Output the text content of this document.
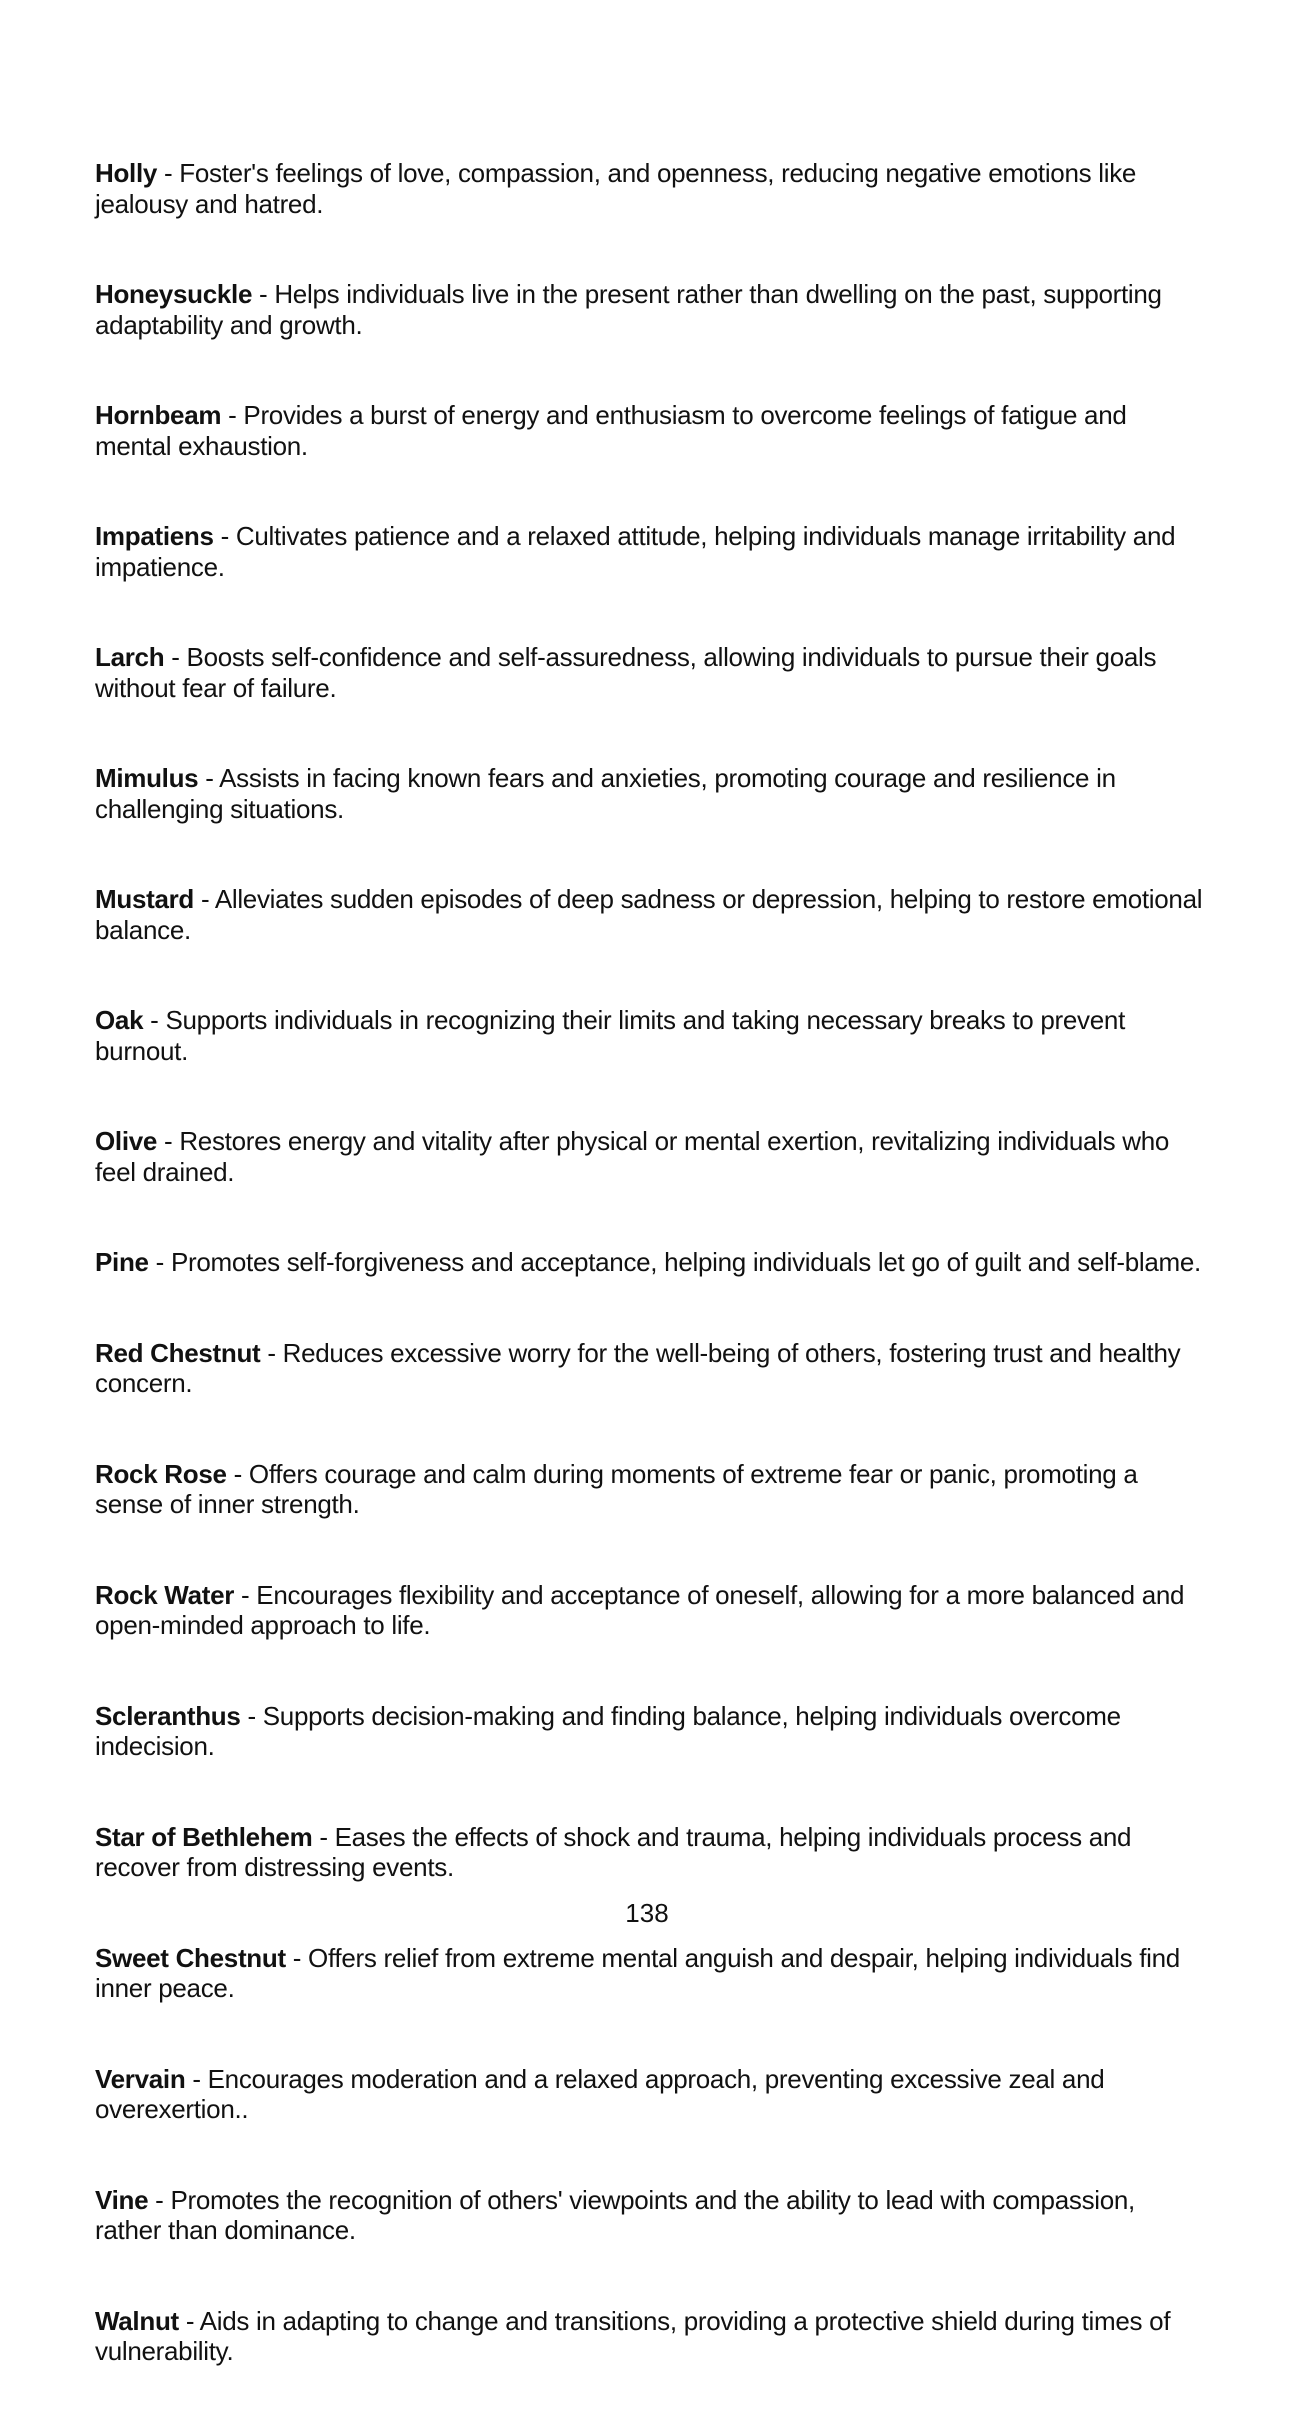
Holly - Foster's feelings of love, compassion, and openness, reducing negative emotions like jealousy and hatred.

Honeysuckle - Helps individuals live in the present rather than dwelling on the past, supporting adaptability and growth.

Hornbeam - Provides a burst of energy and enthusiasm to overcome feelings of fatigue and mental exhaustion.

Impatiens - Cultivates patience and a relaxed attitude, helping individuals manage irritability and impatience.

Larch - Boosts self-confidence and self-assuredness, allowing individuals to pursue their goals without fear of failure.

Mimulus - Assists in facing known fears and anxieties, promoting courage and resilience in challenging situations.

Mustard - Alleviates sudden episodes of deep sadness or depression, helping to restore emotional balance.

Oak - Supports individuals in recognizing their limits and taking necessary breaks to prevent burnout.

Olive - Restores energy and vitality after physical or mental exertion, revitalizing individuals who feel drained.

Pine - Promotes self-forgiveness and acceptance, helping individuals let go of guilt and self-blame.

Red Chestnut - Reduces excessive worry for the well-being of others, fostering trust and healthy concern.

Rock Rose - Offers courage and calm during moments of extreme fear or panic, promoting a sense of inner strength.

Rock Water - Encourages flexibility and acceptance of oneself, allowing for a more balanced and open-minded approach to life.

Scleranthus - Supports decision-making and finding balance, helping individuals overcome indecision.

Star of Bethlehem - Eases the effects of shock and trauma, helping individuals process and recover from distressing events.

Sweet Chestnut - Offers relief from extreme mental anguish and despair, helping individuals find inner peace.

Vervain - Encourages moderation and a relaxed approach, preventing excessive zeal and overexertion..

Vine - Promotes the recognition of others' viewpoints and the ability to lead with compassion, rather than dominance.

Walnut - Aids in adapting to change and transitions, providing a protective shield during times of vulnerability.

138
